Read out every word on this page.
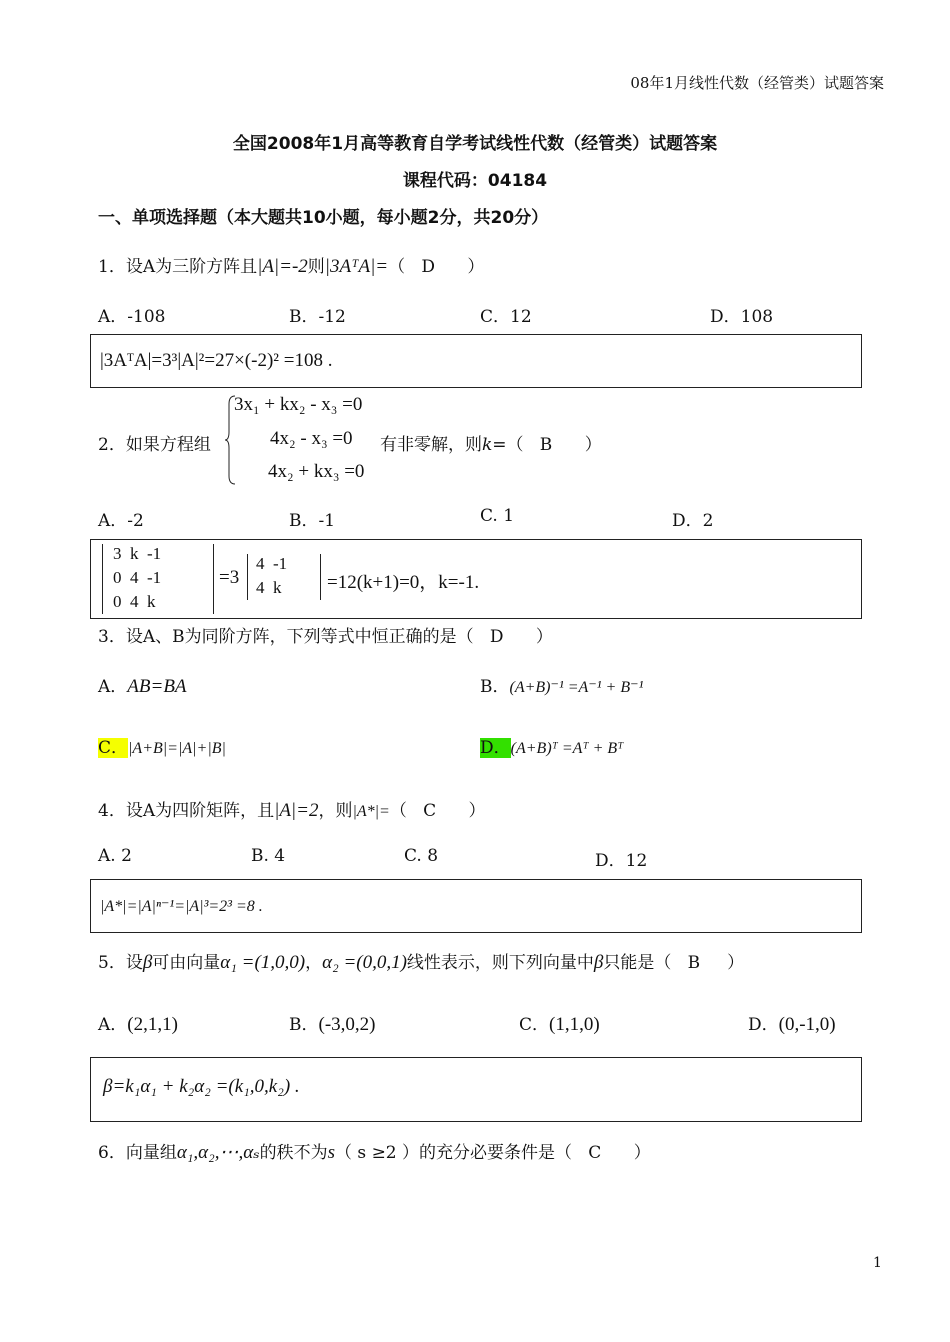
08年1月线性代数（经管类）试题答案
全国2008年1月高等教育自学考试线性代数（经管类）试题答案
课程代码：04184
一、单项选择题（本大题共10小题，每小题2分，共20分）
1．设A为三阶方阵且|A|=-2则|3AᵀA|=（ D ）
A．-108	B．-12	C．12	D．108
|3AᵀA|=3³|A|²=27×(-2)² =108 .
3x₁ + kx₂ - x₃ =0
4x₂ - x₃ =0
4x₂ + kx₃ =0
2．如果方程组	有非零解，则k=（ B ）
A．-2	B．-1	C. 1	D．2
3  k  -1
0  4  -1
0  4  k
=3
4  -1
4  k =12(k+1)=0，k=-1.
3．设A、B为同阶方阵，下列等式中恒正确的是（ D ）
A．AB=BA	B．(A+B)⁻¹ =A⁻¹ + B⁻¹
C．|A+B|=|A|+|B|	D．(A+B)ᵀ =Aᵀ + Bᵀ
4．设A为四阶矩阵，且|A|=2，则|A*|=（ C ）
A. 2	B. 4	C. 8	D．12
|A*|=|A|ⁿ⁻¹=|A|³=2³ =8 .
5．设β可由向量α₁ =(1,0,0)，α₂ =(0,0,1)线性表示，则下列向量中β只能是（ B ）
A．(2,1,1)	B．(-3,0,2)	C．(1,1,0)	D．(0,-1,0)
β=k₁α₁ + k₂α₂ =(k₁,0,k₂) .
6．向量组α₁,α₂,⋯,αₛ的秩不为s（ s ≥2 ）的充分必要条件是（ C ）
1
